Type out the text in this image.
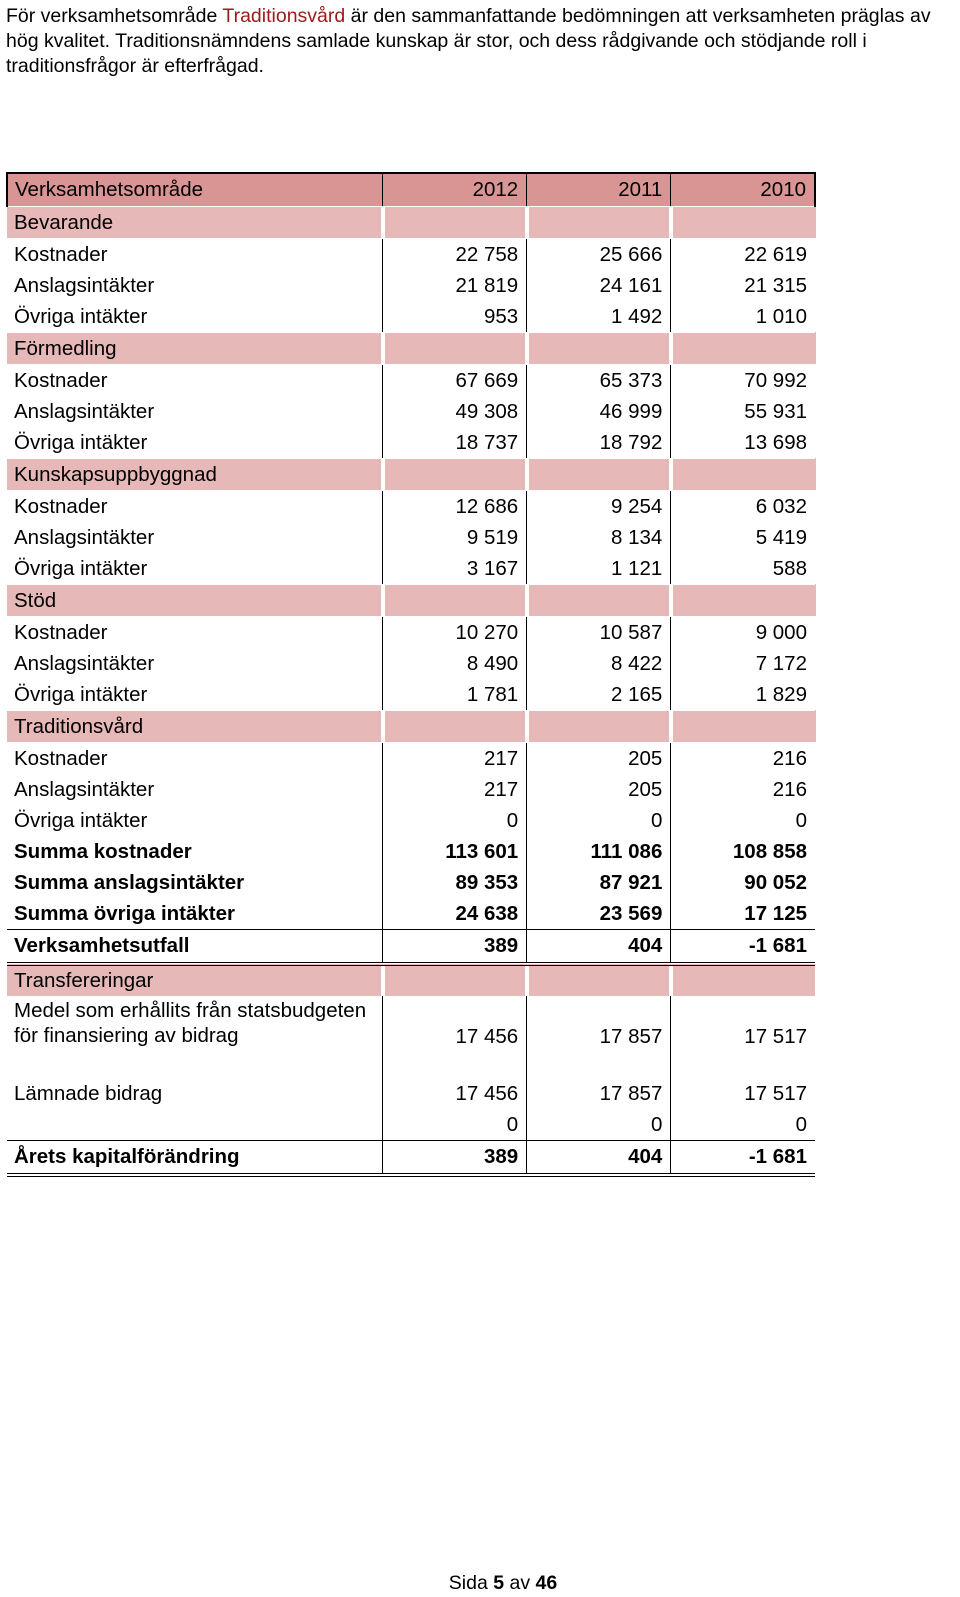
För verksamhetsområde Traditionsvård är den sammanfattande bedömningen att verksamheten präglas av hög kvalitet. Traditionsnämndens samlade kunskap är stor, och dess rådgivande och stödjande roll i traditionsfrågor är efterfrågad.
Verksamhetsområde	2012	2011	2010
Bevarande			
Kostnader	22 758	25 666	22 619
Anslagsintäkter	21 819	24 161	21 315
Övriga intäkter	953	1 492	1 010
Förmedling			
Kostnader	67 669	65 373	70 992
Anslagsintäkter	49 308	46 999	55 931
Övriga intäkter	18 737	18 792	13 698
Kunskapsuppbyggnad			
Kostnader	12 686	9 254	6 032
Anslagsintäkter	9 519	8 134	5 419
Övriga intäkter	3 167	1 121	588
Stöd			
Kostnader	10 270	10 587	9 000
Anslagsintäkter	8 490	8 422	7 172
Övriga intäkter	1 781	2 165	1 829
Traditionsvård			
Kostnader	217	205	216
Anslagsintäkter	217	205	216
Övriga intäkter	0	0	0
Summa kostnader	113 601	111 086	108 858
Summa anslagsintäkter	89 353	87 921	90 052
Summa övriga intäkter	24 638	23 569	17 125
Verksamhetsutfall	389	404	-1 681
Transfereringar			
Medel som erhållits från statsbudgeten för finansiering av bidrag	17 456	17 857	17 517
Lämnade bidrag	17 456	17 857	17 517
	0	0	0
Årets kapitalförändring	389	404	-1 681
Sida 5 av 46
